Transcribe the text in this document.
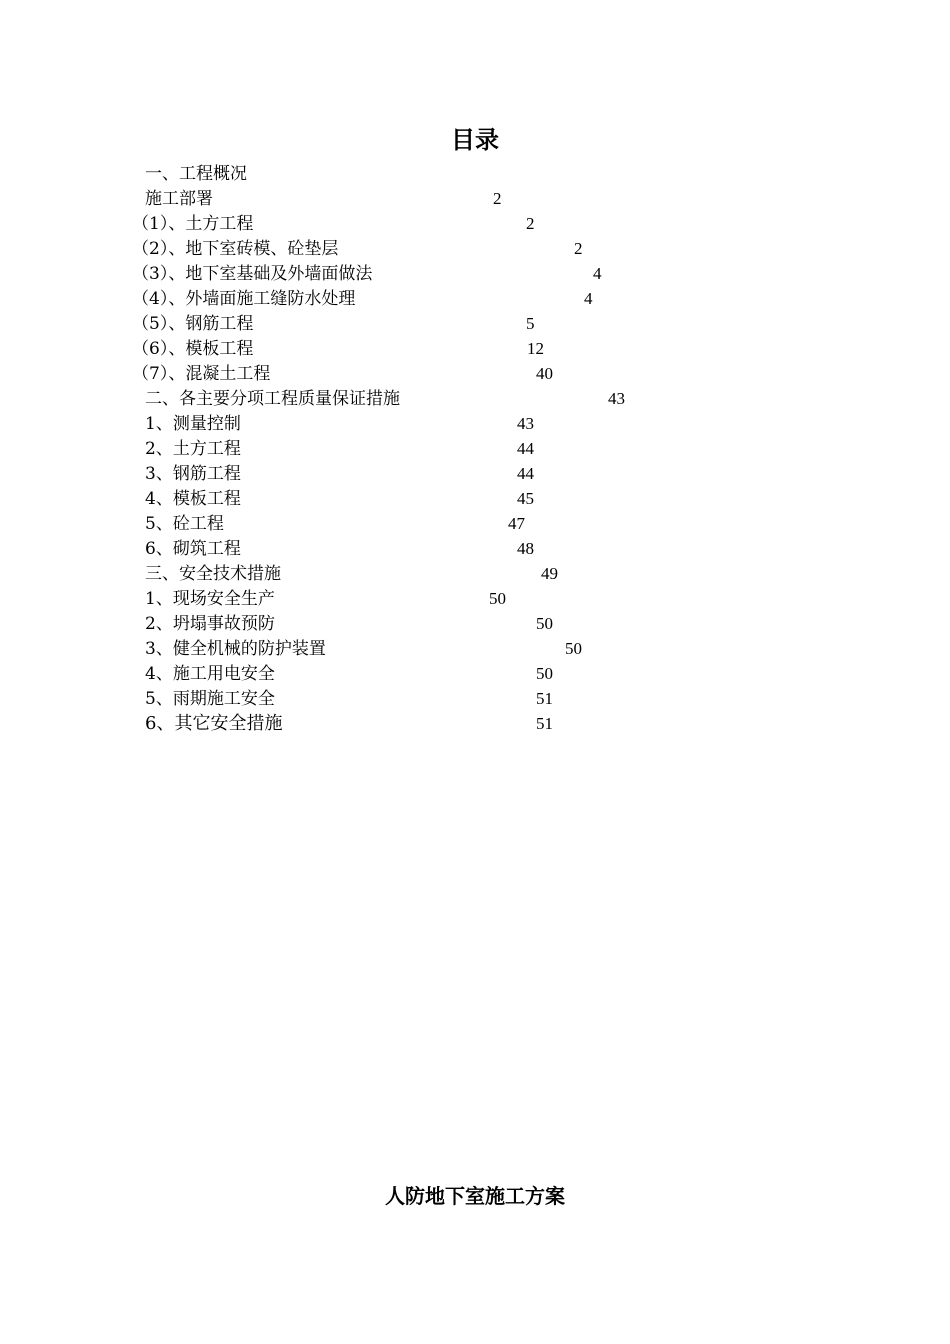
目录
一、工程概况
施工部署	2
（1）、土方工程	2
（2）、地下室砖模、砼垫层	2
（3）、地下室基础及外墙面做法	4
（4）、外墙面施工缝防水处理	4
（5）、钢筋工程	5
（6）、模板工程	12
（7）、混凝土工程	40
二、各主要分项工程质量保证措施	43
1、测量控制	43
2、土方工程	44
3、钢筋工程	44
4、模板工程	45
5、砼工程	47
6、砌筑工程	48
三、安全技术措施	49
1、现场安全生产	50
2、坍塌事故预防	50
3、健全机械的防护装置	50
4、施工用电安全	50
5、雨期施工安全	51
6、其它安全措施	51
人防地下室施工方案
